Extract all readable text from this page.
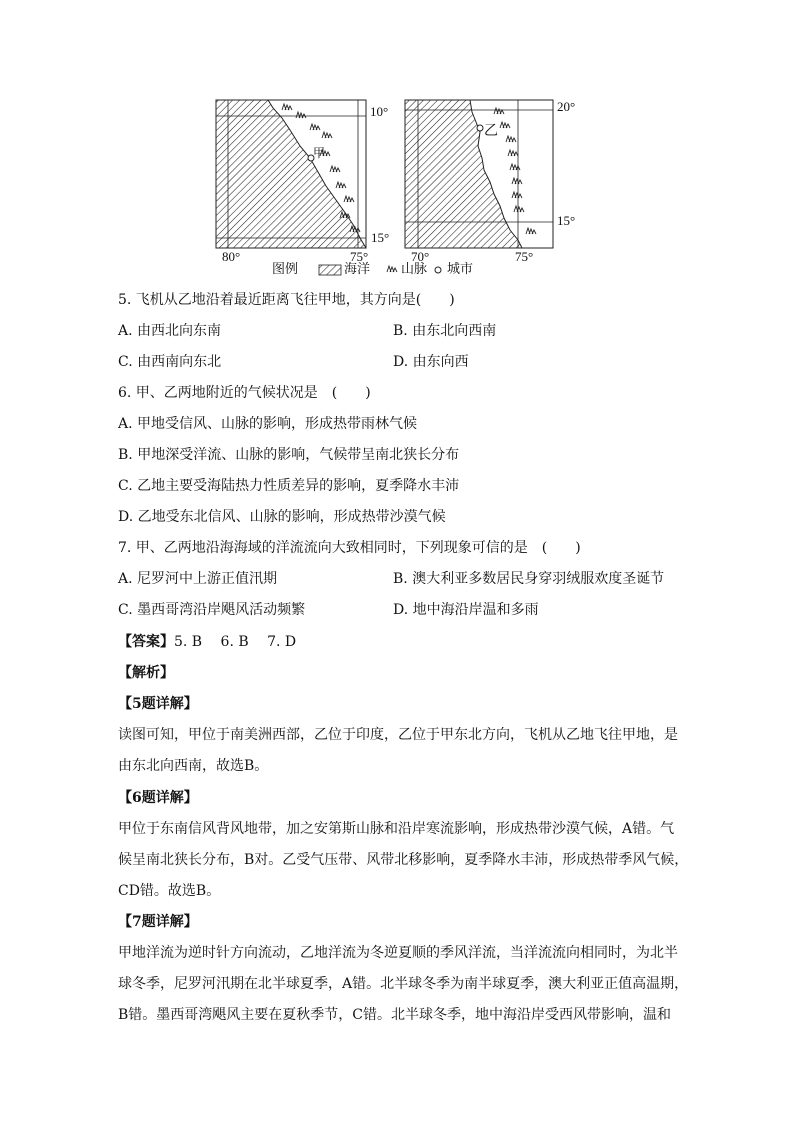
10°
15°
80°	75°
甲
20°
15°
70°	75°
乙
图例	海洋 山脉 城市
5. 飞机从乙地沿着最近距离飞往甲地，其方向是(　　)
A. 由西北向东南	B. 由东北向西南
C. 由西南向东北	D. 由东向西
6. 甲、乙两地附近的气候状况是　(　　)
A. 甲地受信风、山脉的影响，形成热带雨林气候
B. 甲地深受洋流、山脉的影响，气候带呈南北狭长分布
C. 乙地主要受海陆热力性质差异的影响，夏季降水丰沛
D. 乙地受东北信风、山脉的影响，形成热带沙漠气候
7. 甲、乙两地沿海海域的洋流流向大致相同时，下列现象可信的是　(　　)
A. 尼罗河中上游正值汛期	B. 澳大利亚多数居民身穿羽绒服欢度圣诞节
C. 墨西哥湾沿岸飓风活动频繁	D. 地中海沿岸温和多雨
【答案】5. B　 6. B　 7. D
【解析】
【5题详解】
读图可知，甲位于南美洲西部，乙位于印度，乙位于甲东北方向，飞机从乙地飞往甲地，是
由东北向西南，故选B。
【6题详解】
甲位于东南信风背风地带，加之安第斯山脉和沿岸寒流影响，形成热带沙漠气候，A错。气
候呈南北狭长分布，B对。乙受气压带、风带北移影响，夏季降水丰沛，形成热带季风气候，
CD错。故选B。
【7题详解】
甲地洋流为逆时针方向流动，乙地洋流为冬逆夏顺的季风洋流，当洋流流向相同时，为北半
球冬季，尼罗河汛期在北半球夏季，A错。北半球冬季为南半球夏季，澳大利亚正值高温期，
B错。墨西哥湾飓风主要在夏秋季节，C错。北半球冬季，地中海沿岸受西风带影响，温和
